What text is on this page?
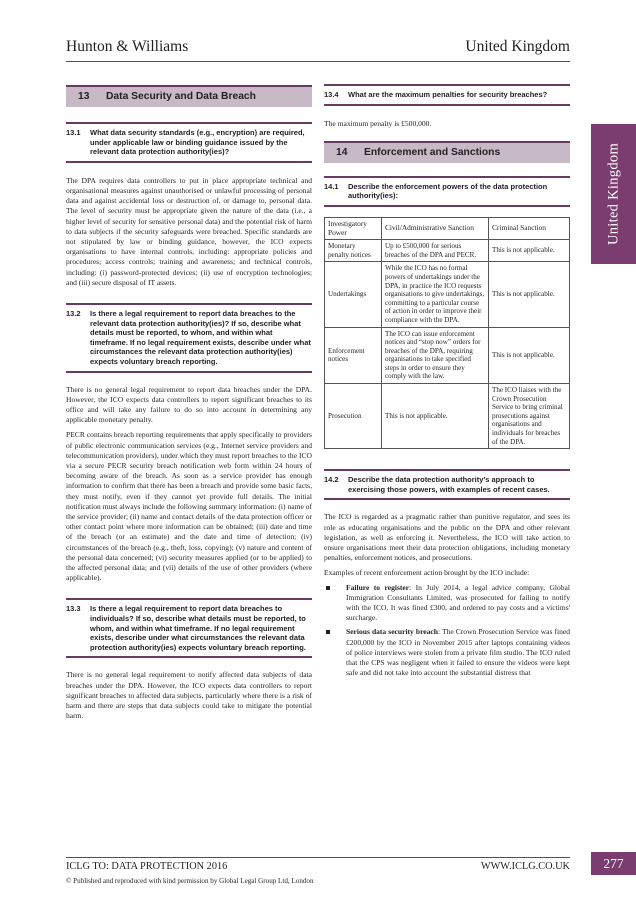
Hunton & Williams	United Kingdom
United Kingdom
13 Data Security and Data Breach
13.1 What data security standards (e.g., encryption) are required, under applicable law or binding guidance issued by the relevant data protection authority(ies)?

The DPA requires data controllers to put in place appropriate technical and organisational measures against unauthorised or unlawful processing of personal data and against accidental loss or destruction of, or damage to, personal data. The level of security must be appropriate given the nature of the data (i.e., a higher level of security for sensitive personal data) and the potential risk of harm to data subjects if the security safeguards were breached. Specific standards are not stipulated by law or binding guidance, however, the ICO expects organisations to have internal controls, including: appropriate policies and procedures; access controls; training and awareness; and technical controls, including: (i) password-protected devices; (ii) use of encryption technologies; and (iii) secure disposal of IT assets.

13.2 Is there a legal requirement to report data breaches to the relevant data protection authority(ies)? If so, describe what details must be reported, to whom, and within what timeframe. If no legal requirement exists, describe under what circumstances the relevant data protection authority(ies) expects voluntary breach reporting.

There is no general legal requirement to report data breaches under the DPA. However, the ICO expects data controllers to report significant breaches to its office and will take any failure to do so into account in determining any applicable monetary penalty.

PECR contains breach reporting requirements that apply specifically to providers of public electronic communication services (e.g., Internet service providers and telecommunication providers), under which they must report breaches to the ICO via a secure PECR security breach notification web form within 24 hours of becoming aware of the breach. As soon as a service provider has enough information to confirm that there has been a breach and provide some basic facts, they must notify, even if they cannot yet provide full details. The initial notification must always include the following summary information: (i) name of the service provider; (ii) name and contact details of the data protection officer or other contact point where more information can be obtained; (iii) date and time of the breach (or an estimate) and the date and time of detection; (iv) circumstances of the breach (e.g., theft, loss, copying); (v) nature and content of the personal data concerned; (vi) security measures applied (or to be applied) to the affected personal data; and (vii) details of the use of other providers (where applicable).

13.3 Is there a legal requirement to report data breaches to individuals? If so, describe what details must be reported, to whom, and within what timeframe. If no legal requirement exists, describe under what circumstances the relevant data protection authority(ies) expects voluntary breach reporting.

There is no general legal requirement to notify affected data subjects of data breaches under the DPA. However, the ICO expects data controllers to report significant breaches to affected data subjects, particularly where there is a risk of harm and there are steps that data subjects could take to mitigate the potential harm.

13.4 What are the maximum penalties for security breaches?

The maximum penalty is £500,000.

14 Enforcement and Sanctions
14.1 Describe the enforcement powers of the data protection authority(ies):
Investigatory Power	Civil/Administrative Sanction	Criminal Sanction
Monetary penalty notices	Up to £500,000 for serious breaches of the DPA and PECR.	This is not applicable.
Undertakings	While the ICO has no formal powers of undertakings under the DPA, in practice the ICO requests organisations to give undertakings, committing to a particular course of action in order to improve their compliance with the DPA.	This is not applicable.
Enforcement notices	The ICO can issue enforcement notices and “stop now” orders for breaches of the DPA, requiring organisations to take specified steps in order to ensure they comply with the law.	This is not applicable.
Prosecution	This is not applicable.	The ICO liaises with the Crown Prosecution Service to bring criminal prosecutions against organisations and individuals for breaches of the DPA.
14.2 Describe the data protection authority's approach to exercising those powers, with examples of recent cases.

The ICO is regarded as a pragmatic rather than punitive regulator, and sees its role as educating organisations and the public on the DPA and other relevant legislation, as well as enforcing it. Nevertheless, the ICO will take action to ensure organisations meet their data protection obligations, including monetary penalties, enforcement notices, and prosecutions.

Examples of recent enforcement action brought by the ICO include:

Failure to register: In July 2014, a legal advice company, Global Immigration Consultants Limited, was prosecuted for failing to notify with the ICO. It was fined £300, and ordered to pay costs and a victims' surcharge.
Serious data security breach: The Crown Prosecution Service was fined £200,000 by the ICO in November 2015 after laptops containing videos of police interviews were stolen from a private film studio. The ICO ruled that the CPS was negligent when it failed to ensure the videos were kept safe and did not take into account the substantial distress that
ICLG TO: DATA PROTECTION 2016	WWW.ICLG.CO.UK
© Published and reproduced with kind permission by Global Legal Group Ltd, London
277
